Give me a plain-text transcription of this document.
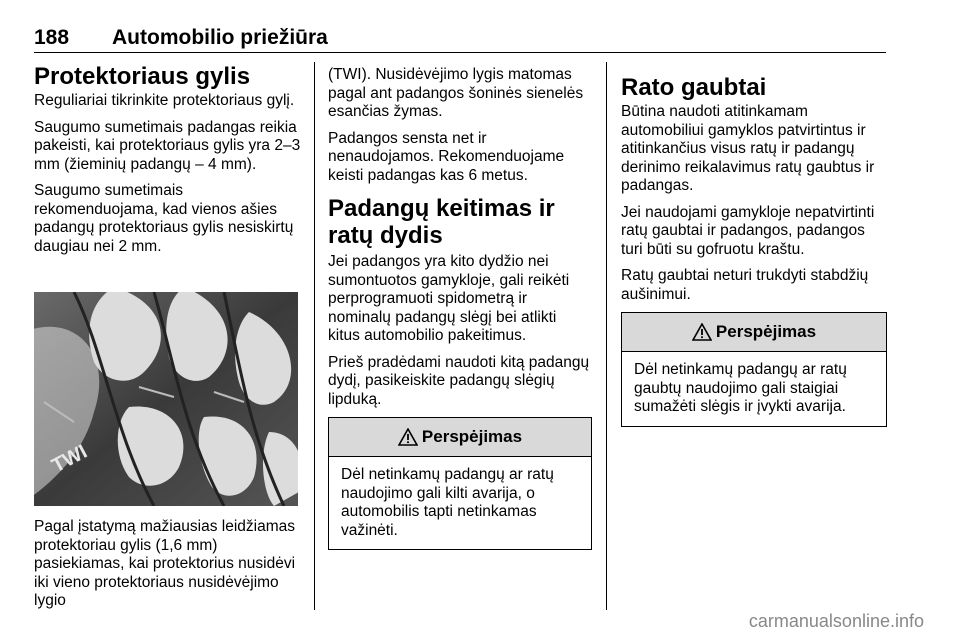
188 Automobilio priežiūra
Protektoriaus gylis

Reguliariai tikrinkite protektoriaus gylį.

Saugumo sumetimais padangas reikia pakeisti, kai protektoriaus gylis yra 2–3 mm (žieminių padangų – 4 mm).

Saugumo sumetimais rekomenduojama, kad vienos ašies padangų protektoriaus gylis nesiskirtų daugiau nei 2 mm.

TWI

Pagal įstatymą mažiausias leidžiamas protektoriau gylis (1,6 mm) pasiekiamas, kai protektorius nusidėvi iki vieno protektoriaus nusidėvėjimo lygio

(TWI). Nusidėvėjimo lygis matomas pagal ant padangos šoninės sienelės esančias žymas.

Padangos sensta net ir nenaudojamos. Rekomenduojame keisti padangas kas 6 metus.

Padangų keitimas ir ratų dydis

Jei padangos yra kito dydžio nei sumontuotos gamykloje, gali reikėti perprogramuoti spidometrą ir nominalų padangų slėgį bei atlikti kitus automobilio pakeitimus.

Prieš pradėdami naudoti kitą padangų dydį, pasikeiskite padangų slėgių lipduką.

Perspėjimas
Dėl netinkamų padangų ar ratų naudojimo gali kilti avarija, o automobilis tapti netinkamas važinėti.
Rato gaubtai

Būtina naudoti atitinkamam automobiliui gamyklos patvirtintus ir atitinkančius visus ratų ir padangų derinimo reikalavimus ratų gaubtus ir padangas.

Jei naudojami gamykloje nepatvirtinti ratų gaubtai ir padangos, padangos turi būti su gofruotu kraštu.

Ratų gaubtai neturi trukdyti stabdžių aušinimui.

Perspėjimas
Dėl netinkamų padangų ar ratų gaubtų naudojimo gali staigiai sumažėti slėgis ir įvykti avarija.
carmanualsonline.info
